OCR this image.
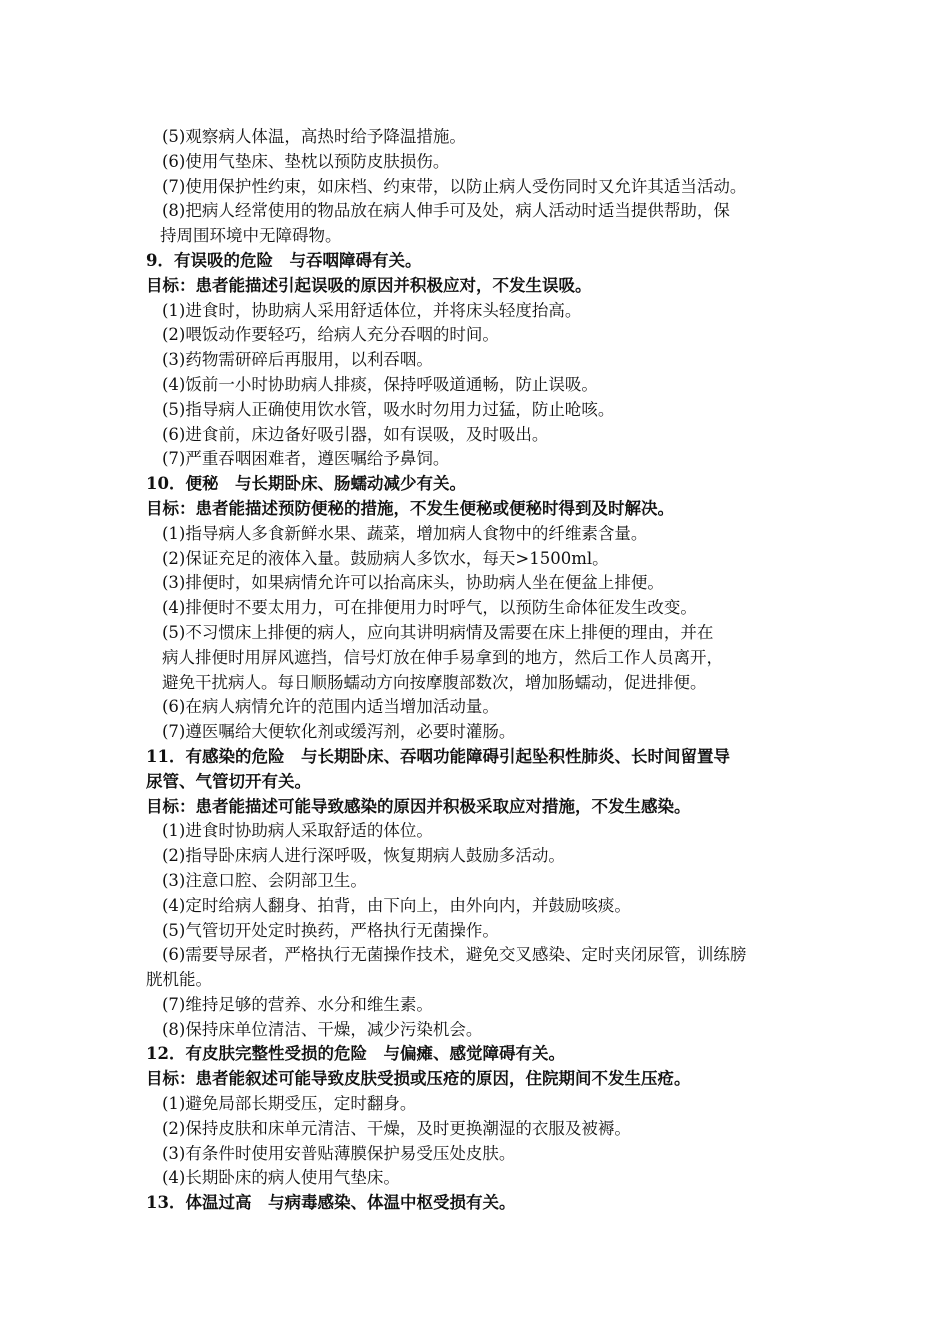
(5)观察病人体温，高热时给予降温措施。
(6)使用气垫床、垫枕以预防皮肤损伤。
(7)使用保护性约束，如床档、约束带，以防止病人受伤同时又允许其适当活动。
(8)把病人经常使用的物品放在病人伸手可及处，病人活动时适当提供帮助，保
持周围环境中无障碍物。
9．有误吸的危险　与吞咽障碍有关。
目标：患者能描述引起误吸的原因并积极应对，不发生误吸。
(1)进食时，协助病人采用舒适体位，并将床头轻度抬高。
(2)喂饭动作要轻巧，给病人充分吞咽的时间。
(3)药物需研碎后再服用，以利吞咽。
(4)饭前一小时协助病人排痰，保持呼吸道通畅，防止误吸。
(5)指导病人正确使用饮水管，吸水时勿用力过猛，防止呛咳。
(6)进食前，床边备好吸引器，如有误吸，及时吸出。
(7)严重吞咽困难者，遵医嘱给予鼻饲。
10．便秘　与长期卧床、肠蠕动减少有关。
目标：患者能描述预防便秘的措施，不发生便秘或便秘时得到及时解决。
(1)指导病人多食新鲜水果、蔬菜，增加病人食物中的纤维素含量。
(2)保证充足的液体入量。鼓励病人多饮水，每天>1500ml。
(3)排便时，如果病情允许可以抬高床头，协助病人坐在便盆上排便。
(4)排便时不要太用力，可在排便用力时呼气，以预防生命体征发生改变。
(5)不习惯床上排便的病人，应向其讲明病情及需要在床上排便的理由，并在
病人排便时用屏风遮挡，信号灯放在伸手易拿到的地方，然后工作人员离开，
避免干扰病人。每日顺肠蠕动方向按摩腹部数次，增加肠蠕动，促进排便。
(6)在病人病情允许的范围内适当增加活动量。
(7)遵医嘱给大便软化剂或缓泻剂，必要时灌肠。
11．有感染的危险　与长期卧床、吞咽功能障碍引起坠积性肺炎、长时间留置导
尿管、气管切开有关。
目标：患者能描述可能导致感染的原因并积极采取应对措施，不发生感染。
(1)进食时协助病人采取舒适的体位。
(2)指导卧床病人进行深呼吸，恢复期病人鼓励多活动。
(3)注意口腔、会阴部卫生。
(4)定时给病人翻身、拍背，由下向上，由外向内，并鼓励咳痰。
(5)气管切开处定时换药，严格执行无菌操作。
(6)需要导尿者，严格执行无菌操作技术，避免交叉感染、定时夹闭尿管，训练膀
胱机能。
(7)维持足够的营养、水分和维生素。
(8)保持床单位清洁、干燥，减少污染机会。
12．有皮肤完整性受损的危险　与偏瘫、感觉障碍有关。
目标：患者能叙述可能导致皮肤受损或压疮的原因，住院期间不发生压疮。
(1)避免局部长期受压，定时翻身。
(2)保持皮肤和床单元清洁、干燥，及时更换潮湿的衣服及被褥。
(3)有条件时使用安普贴薄膜保护易受压处皮肤。
(4)长期卧床的病人使用气垫床。
13．体温过高　与病毒感染、体温中枢受损有关。
